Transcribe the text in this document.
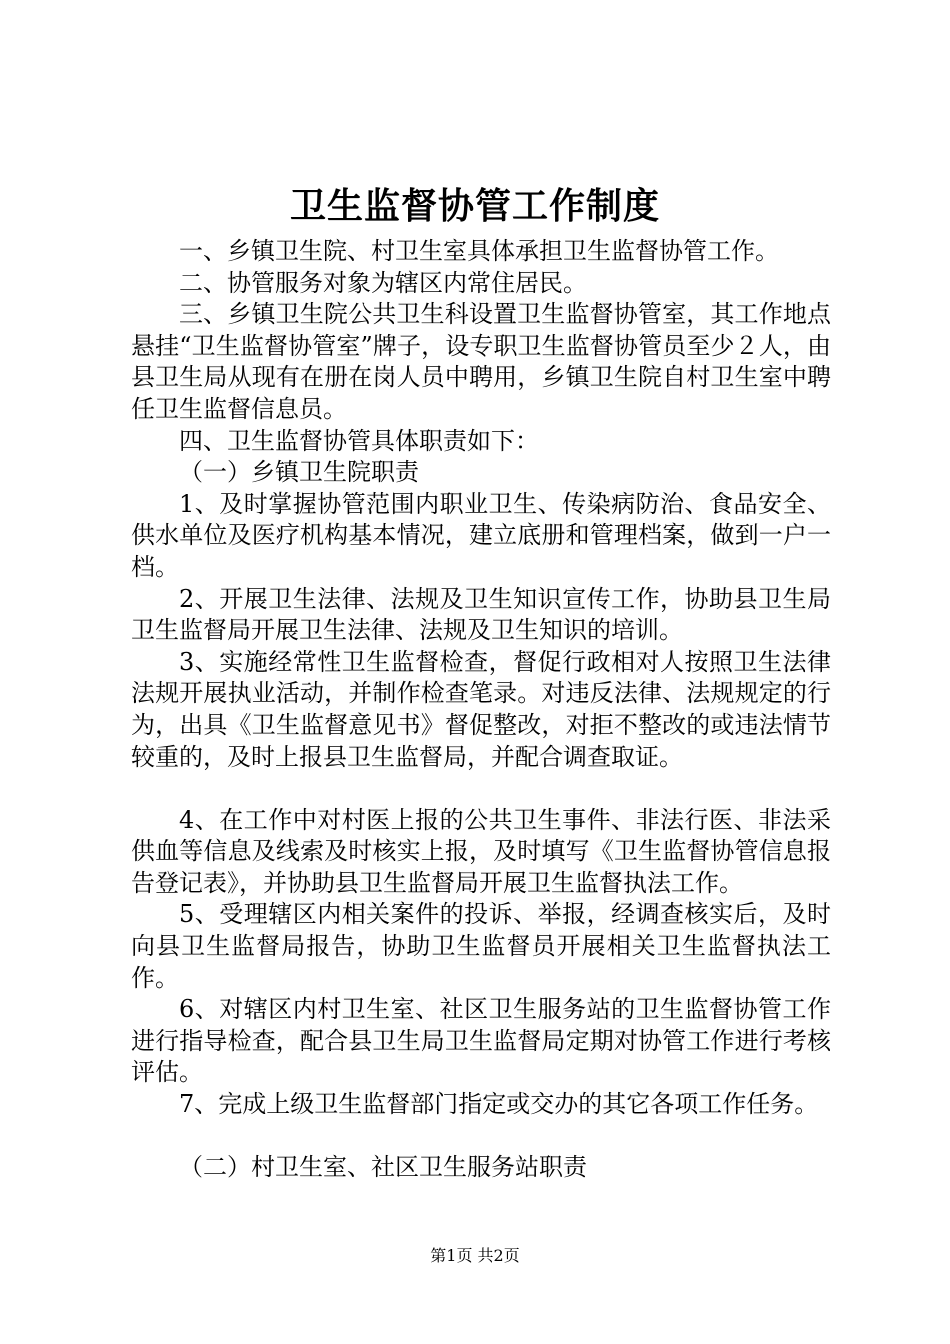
卫生监督协管工作制度

一、乡镇卫生院、村卫生室具体承担卫生监督协管工作。

二、协管服务对象为辖区内常住居民。

三、乡镇卫生院公共卫生科设置卫生监督协管室，其工作地点悬挂“卫生监督协管室”牌子，设专职卫生监督协管员至少２人，由县卫生局从现有在册在岗人员中聘用，乡镇卫生院自村卫生室中聘任卫生监督信息员。

四、卫生监督协管具体职责如下：

（一）乡镇卫生院职责

1、及时掌握协管范围内职业卫生、传染病防治、食品安全、供水单位及医疗机构基本情况，建立底册和管理档案，做到一户一档。

2、开展卫生法律、法规及卫生知识宣传工作，协助县卫生局卫生监督局开展卫生法律、法规及卫生知识的培训。

3、实施经常性卫生监督检查，督促行政相对人按照卫生法律法规开展执业活动，并制作检查笔录。对违反法律、法规规定的行为，出具《卫生监督意见书》督促整改，对拒不整改的或违法情节较重的，及时上报县卫生监督局，并配合调查取证。

4、在工作中对村医上报的公共卫生事件、非法行医、非法采供血等信息及线索及时核实上报，及时填写《卫生监督协管信息报告登记表》，并协助县卫生监督局开展卫生监督执法工作。

5、受理辖区内相关案件的投诉、举报，经调查核实后，及时向县卫生监督局报告，协助卫生监督员开展相关卫生监督执法工作。

6、对辖区内村卫生室、社区卫生服务站的卫生监督协管工作进行指导检查，配合县卫生局卫生监督局定期对协管工作进行考核评估。

7、完成上级卫生监督部门指定或交办的其它各项工作任务。

（二）村卫生室、社区卫生服务站职责

第1页 共2页
